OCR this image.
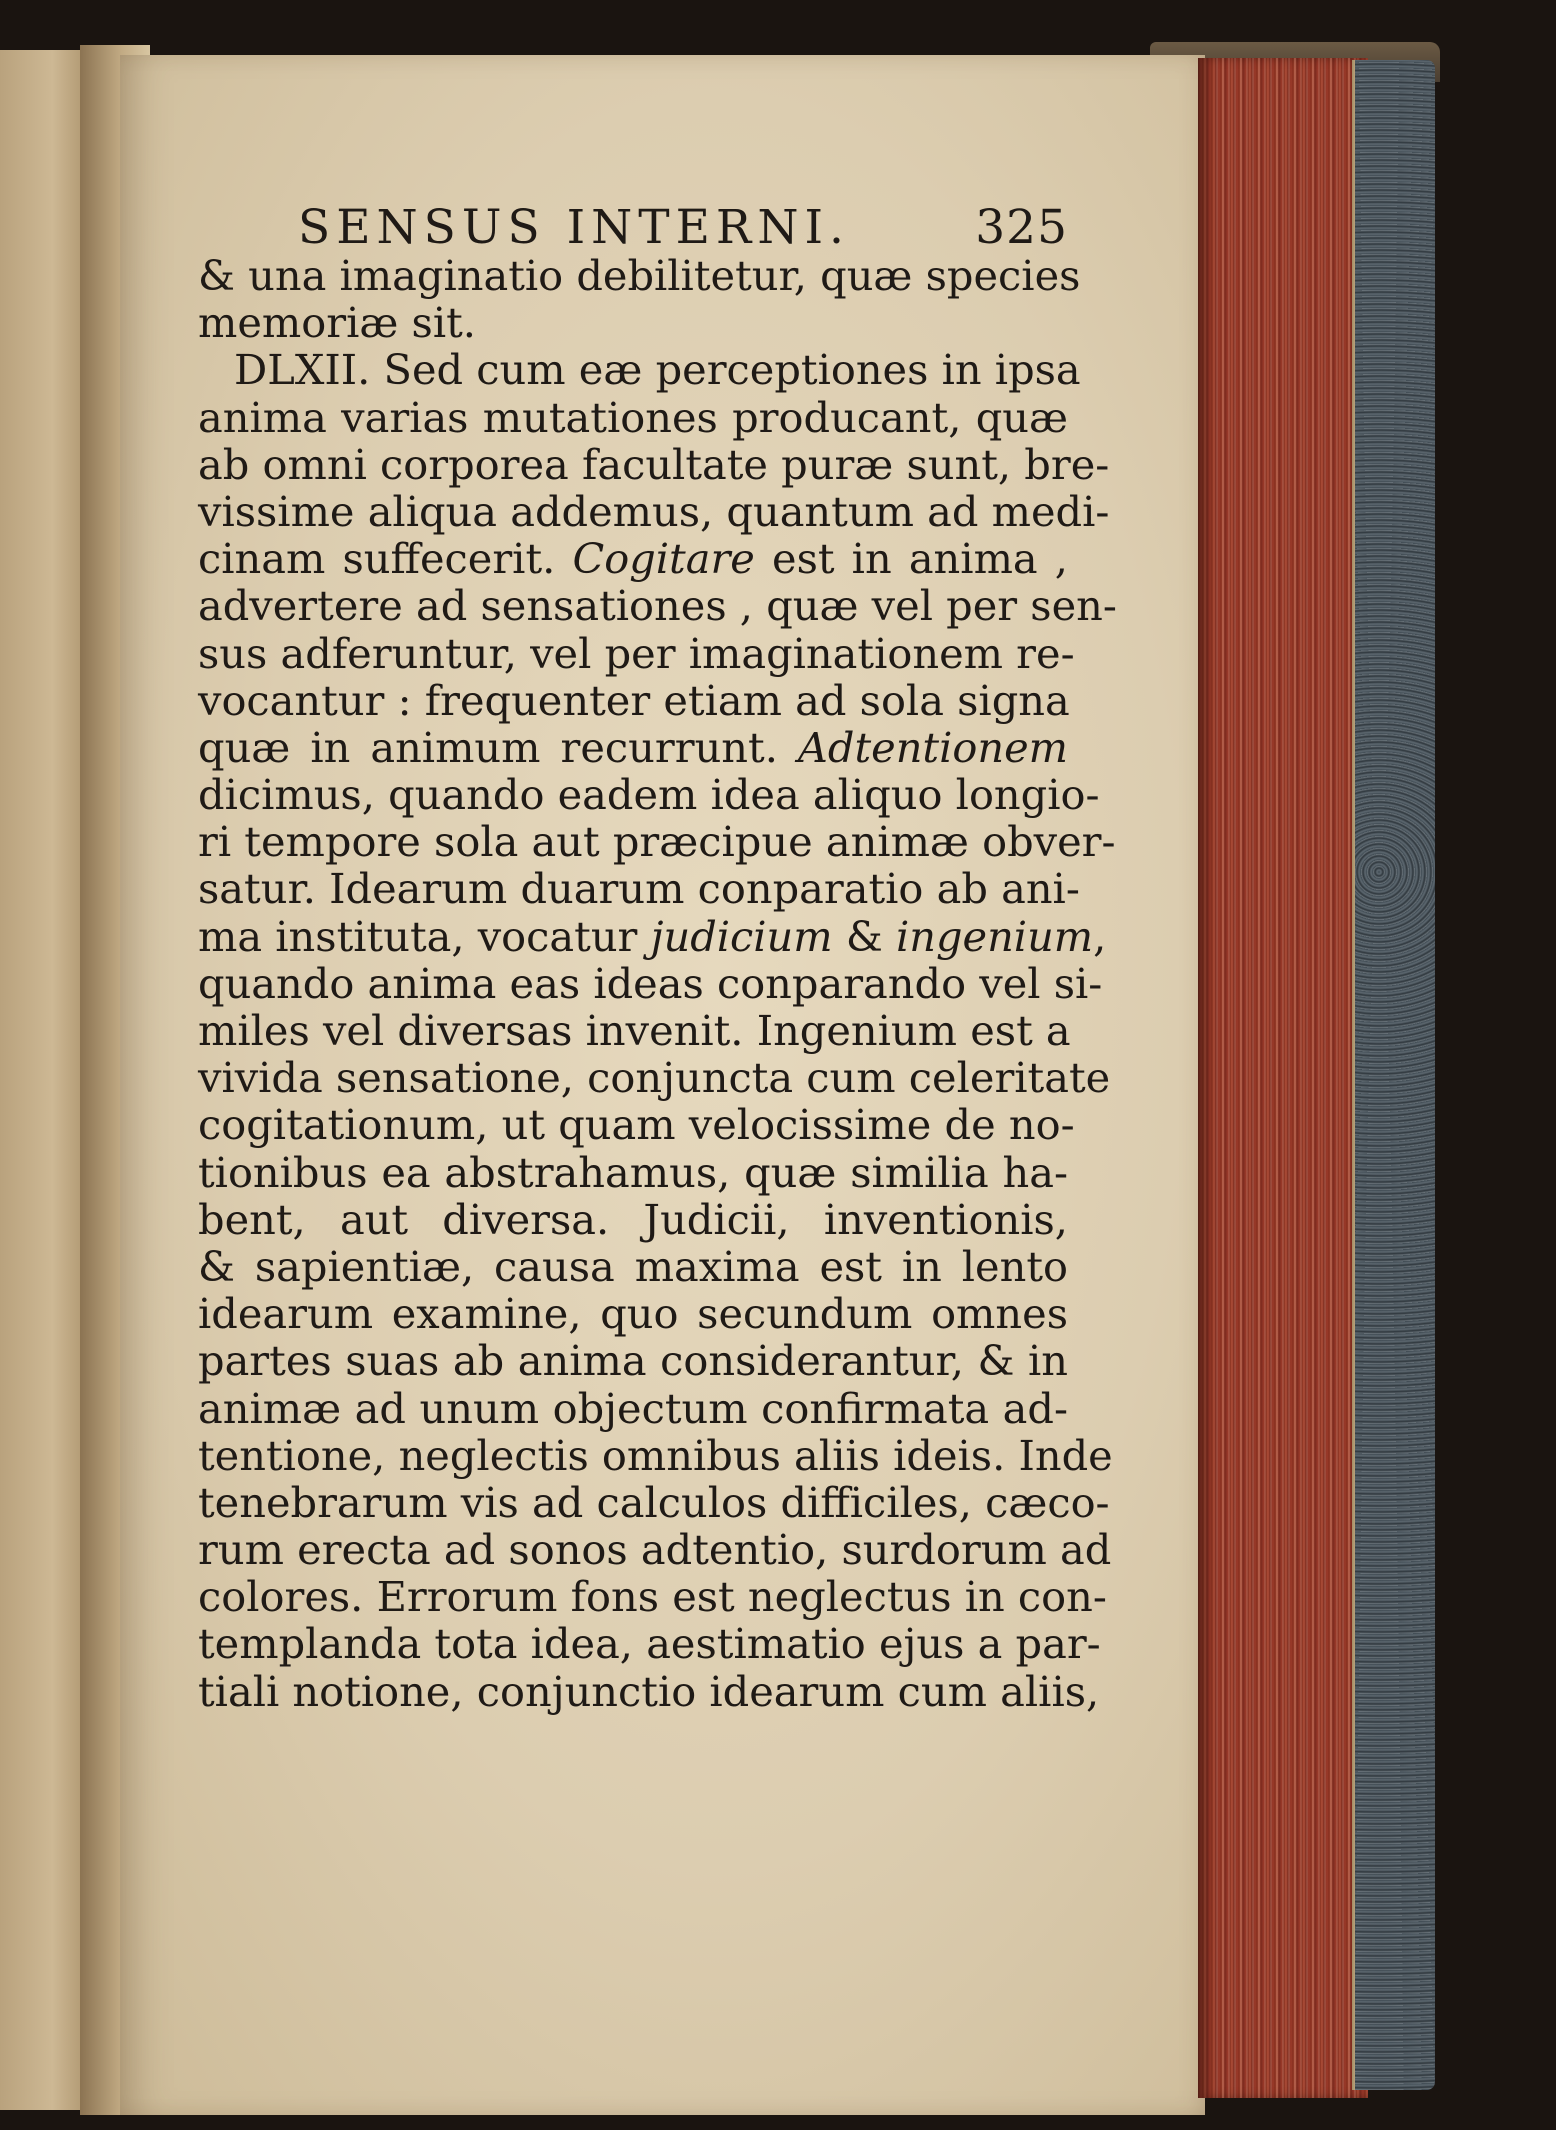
SENSUS INTERNI.	325
& una imaginatio debilitetur, quæ species
memoriæ sit.
DLXII. Sed cum eæ perceptiones in ipsa
anima varias mutationes producant, quæ
ab omni corporea facultate puræ sunt, bre-
vissime aliqua addemus, quantum ad medi-
cinam suffecerit. Cogitare est in anima ,
advertere ad sensationes , quæ vel per sen-
sus adferuntur, vel per imaginationem re-
vocantur : frequenter etiam ad sola signa
quæ in animum recurrunt. Adtentionem
dicimus, quando eadem idea aliquo longio-
ri tempore sola aut præcipue animæ obver-
satur. Idearum duarum conparatio ab ani-
ma instituta, vocatur judicium & ingenium,
quando anima eas ideas conparando vel si-
miles vel diversas invenit. Ingenium est a
vivida sensatione, conjuncta cum celeritate
cogitationum, ut quam velocissime de no-
tionibus ea abstrahamus, quæ similia ha-
bent, aut diversa. Judicii, inventionis,
& sapientiæ, causa maxima est in lento
idearum examine, quo secundum omnes
partes suas ab anima considerantur, & in
animæ ad unum objectum confirmata ad-
tentione, neglectis omnibus aliis ideis. Inde
tenebrarum vis ad calculos difficiles, cæco-
rum erecta ad sonos adtentio, surdorum ad
colores. Errorum fons est neglectus in con-
templanda tota idea, aestimatio ejus a par-
tiali notione, conjunctio idearum cum aliis,
